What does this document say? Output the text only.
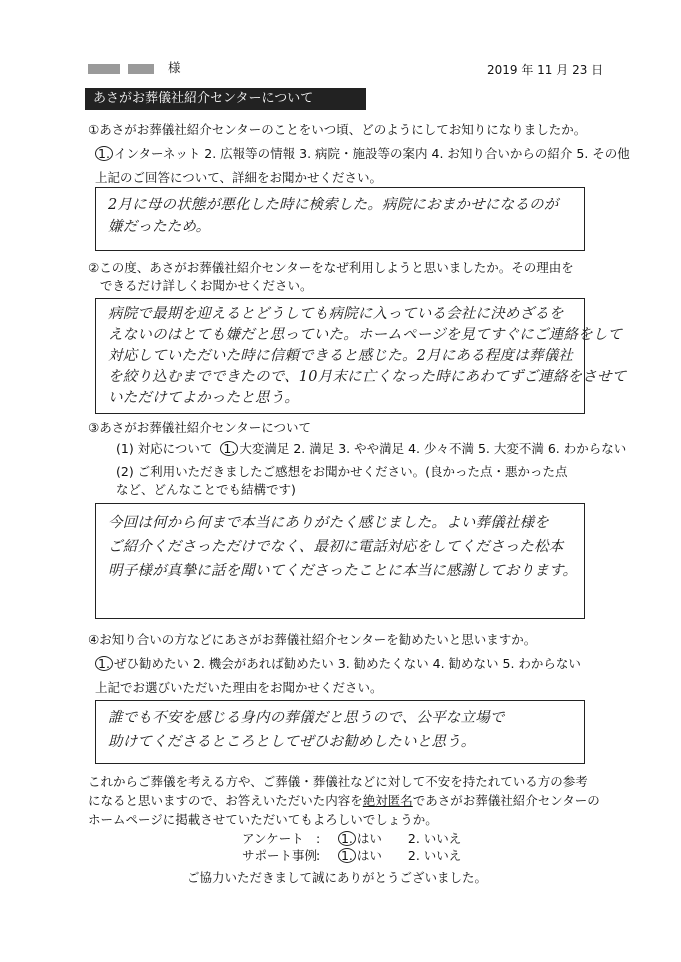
様	2019 年 11 月 23 日
あさがお葬儀社紹介センターについて
①あさがお葬儀社紹介センターのことをいつ頃、どのようにしてお知りになりましたか。
1. インターネット 2. 広報等の情報 3. 病院・施設等の案内 4. お知り合いからの紹介 5. その他
上記のご回答について、詳細をお聞かせください。
2月に母の状態が悪化した時に検索した。病院におまかせになるのが
嫌だったため。
②この度、あさがお葬儀社紹介センターをなぜ利用しようと思いましたか。その理由を
できるだけ詳しくお聞かせください。
病院で最期を迎えるとどうしても病院に入っている会社に決めざるを
えないのはとても嫌だと思っていた。ホームページを見てすぐにご連絡をして
対応していただいた時に信頼できると感じた。2月にある程度は葬儀社
を絞り込むまでできたので、10月末に亡くなった時にあわてずご連絡をさせて
いただけてよかったと思う。
③あさがお葬儀社紹介センターについて
(1) 対応について 1. 大変満足 2. 満足 3. やや満足 4. 少々不満 5. 大変不満 6. わからない
(2) ご利用いただきましたご感想をお聞かせください。(良かった点・悪かった点
など、どんなことでも結構です)
今回は何から何まで本当にありがたく感じました。よい葬儀社様を
ご紹介くださっただけでなく、最初に電話対応をしてくださった松本
明子様が真摯に話を聞いてくださったことに本当に感謝しております。
④お知り合いの方などにあさがお葬儀社紹介センターを勧めたいと思いますか。
1. ぜひ勧めたい 2. 機会があれば勧めたい 3. 勧めたくない 4. 勧めない 5. わからない
上記でお選びいただいた理由をお聞かせください。
誰でも不安を感じる身内の葬儀だと思うので、公平な立場で
助けてくださるところとしてぜひお勧めしたいと思う。
これからご葬儀を考える方や、ご葬儀・葬儀社などに対して不安を持たれている方の参考
になると思いますので、お答えいただいた内容を絶対匿名であさがお葬儀社紹介センターの
ホームページに掲載させていただいてもよろしいでしょうか。
アンケート : 1. はい 2. いいえ
サポート事例 : 1. はい 2. いいえ
ご協力いただきまして誠にありがとうございました。
